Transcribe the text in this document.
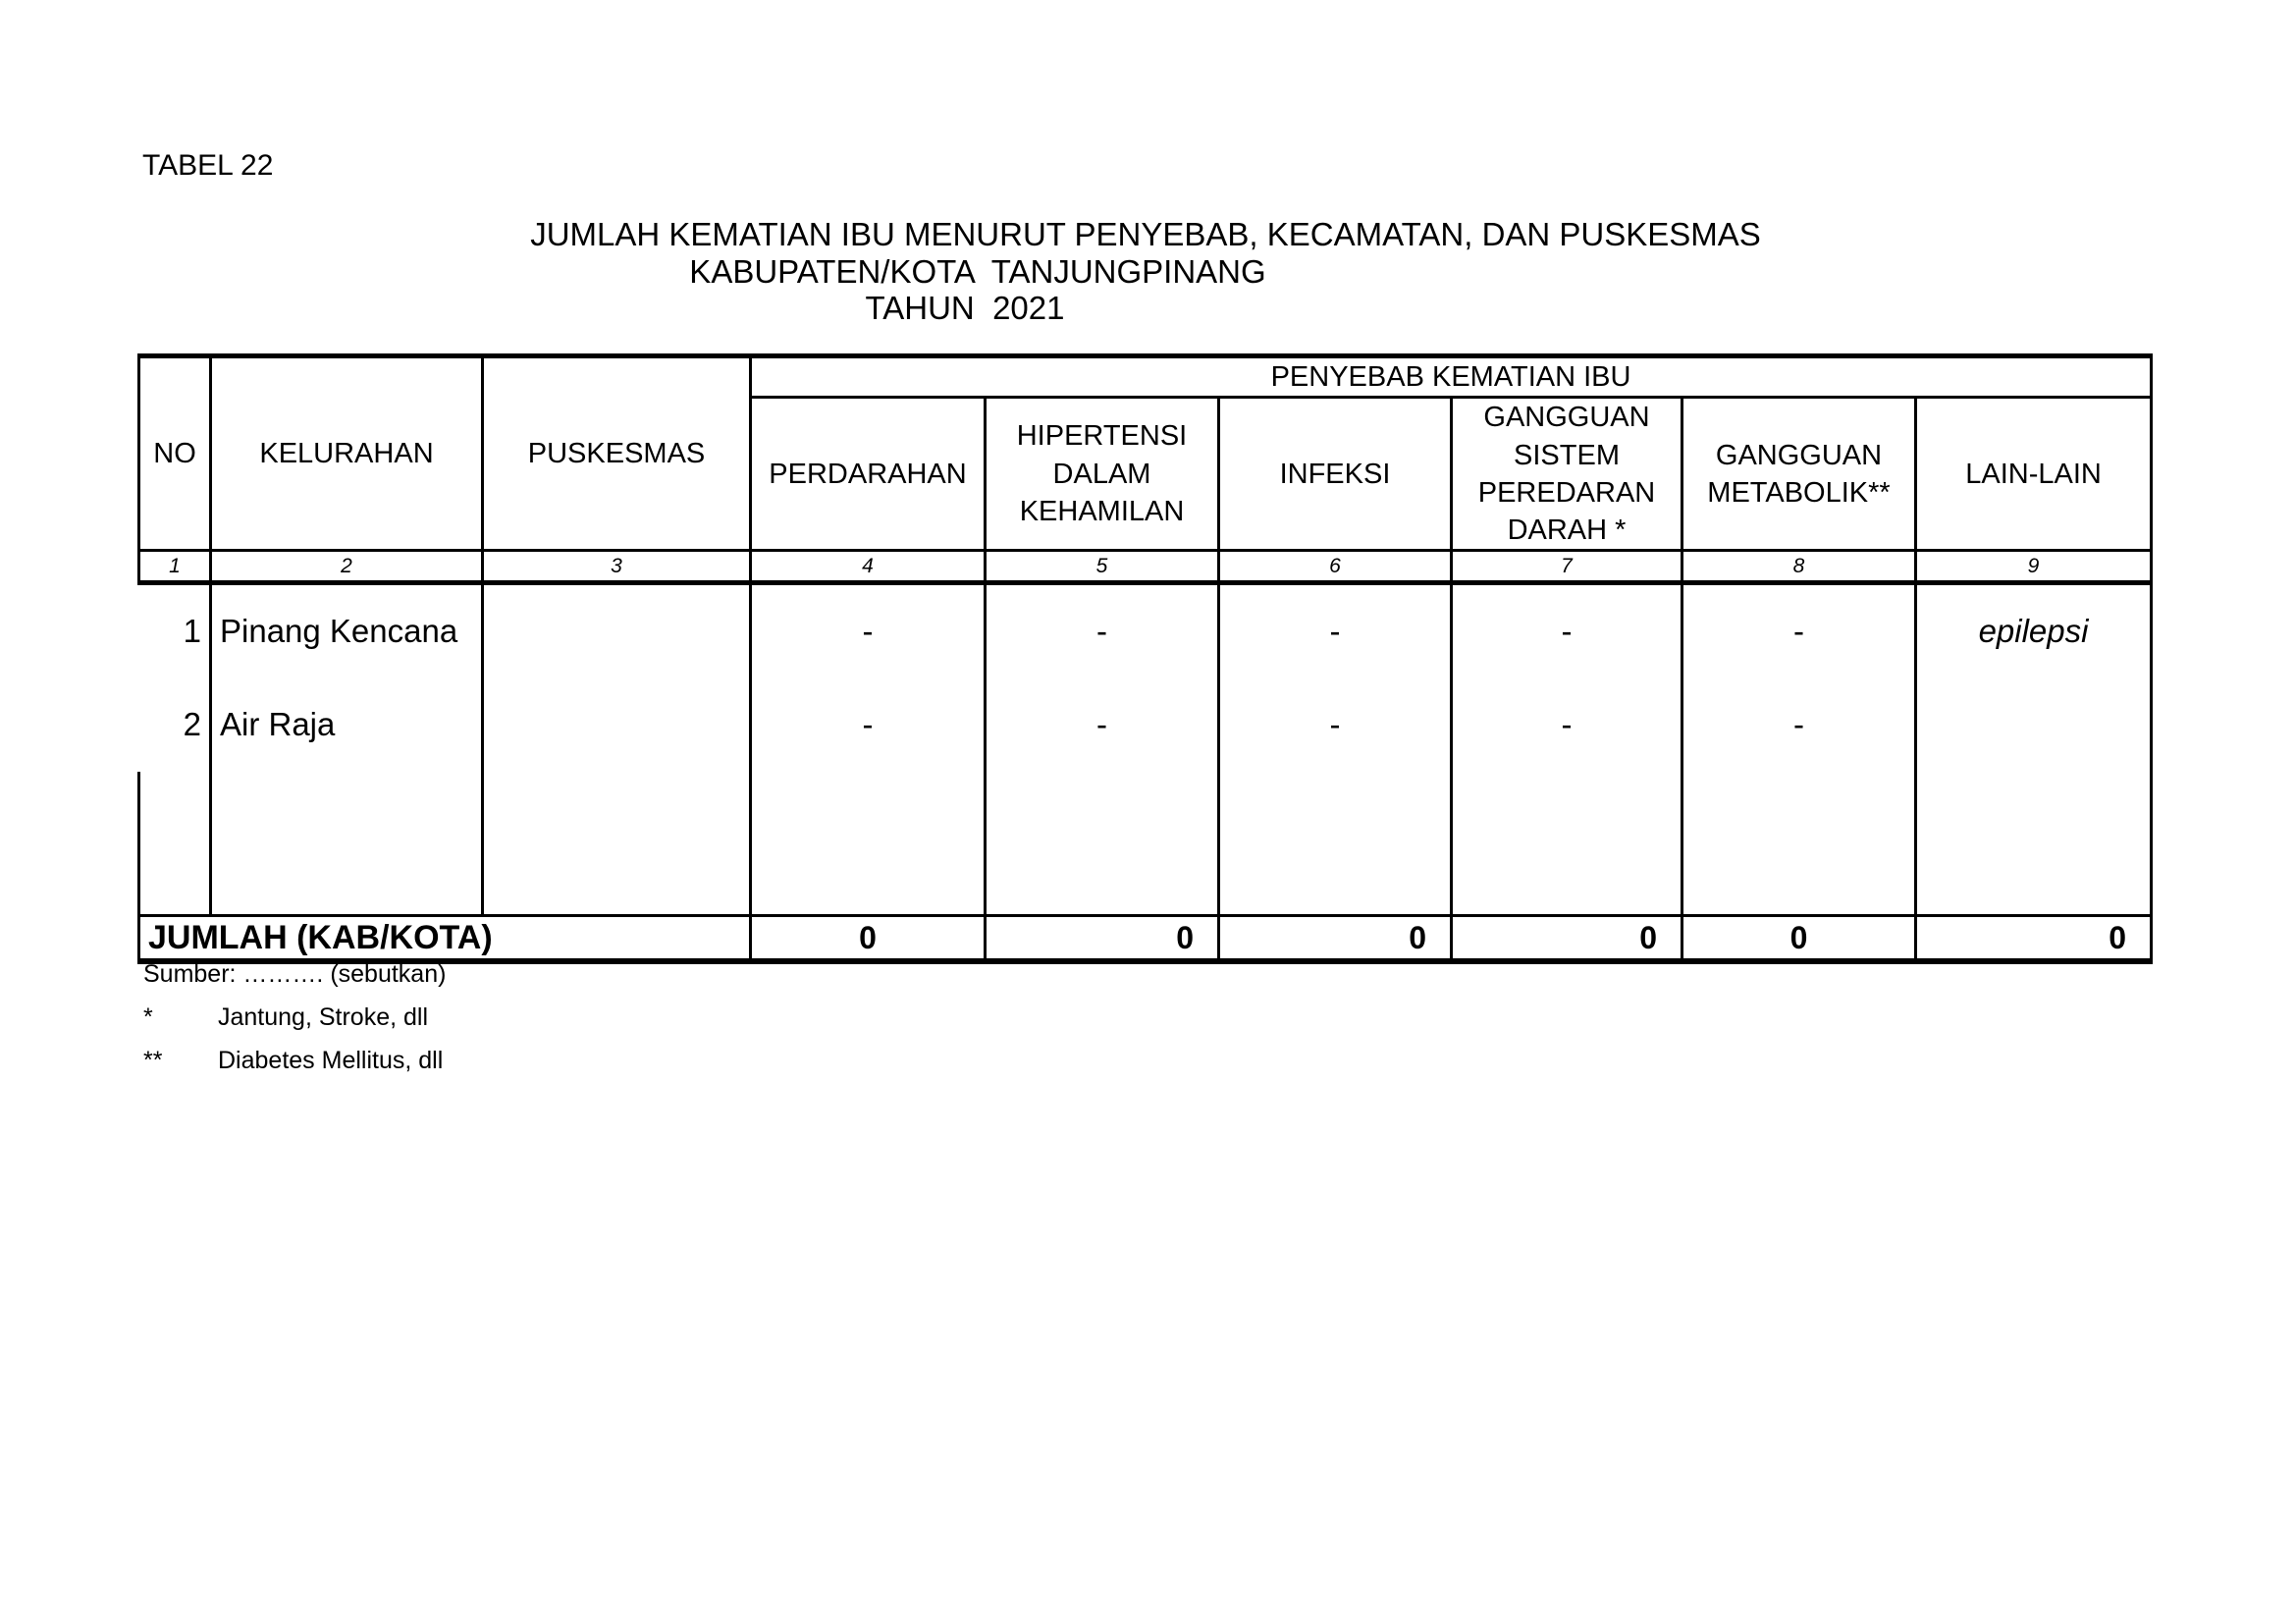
TABEL 22
JUMLAH KEMATIAN IBU MENURUT PENYEBAB, KECAMATAN, DAN PUSKESMAS
KABUPATEN/KOTA  TANJUNGPINANG
TAHUN  2021
NO	KELURAHAN	PUSKESMAS	PENYEBAB KEMATIAN IBU					
			PERDARAHAN	HIPERTENSI DALAM KEHAMILAN	INFEKSI	GANGGUAN SISTEM PEREDARAN DARAH *	GANGGUAN METABOLIK**	LAIN-LAIN
1	2	3	4	5	6	7	8	9
1	Pinang Kencana		-	-	-	-	-	epilepsi
2	Air Raja		-	-	-	-	-	

JUMLAH (KAB/KOTA)			0	0	0	0	0	0
Sumber: ………. (sebutkan)
*	Jantung, Stroke, dll
**	Diabetes Mellitus, dll
